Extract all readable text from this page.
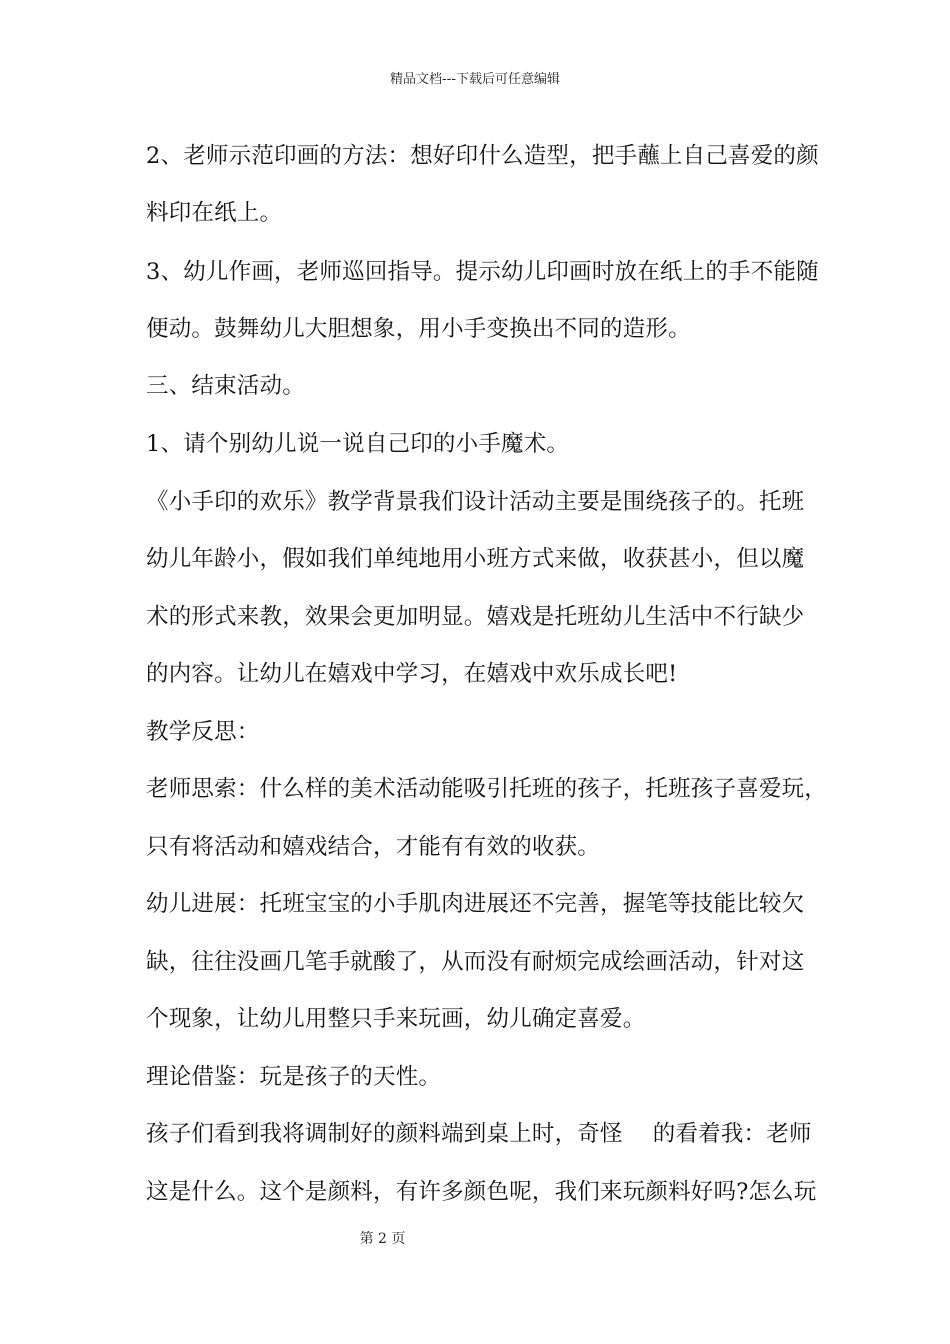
精品文档---下载后可任意编辑
2、老师示范印画的方法：想好印什么造型，把手蘸上自己喜爱的颜
料印在纸上。
3、幼儿作画，老师巡回指导。提示幼儿印画时放在纸上的手不能随
便动。鼓舞幼儿大胆想象，用小手变换出不同的造形。
三、结束活动。
1、请个别幼儿说一说自己印的小手魔术。
《小手印的欢乐》教学背景我们设计活动主要是围绕孩子的。托班
幼儿年龄小，假如我们单纯地用小班方式来做，收获甚小，但以魔
术的形式来教，效果会更加明显。嬉戏是托班幼儿生活中不行缺少
的内容。让幼儿在嬉戏中学习，在嬉戏中欢乐成长吧!
教学反思：
老师思索：什么样的美术活动能吸引托班的孩子，托班孩子喜爱玩，
只有将活动和嬉戏结合，才能有有效的收获。
幼儿进展：托班宝宝的小手肌肉进展还不完善，握笔等技能比较欠
缺，往往没画几笔手就酸了，从而没有耐烦完成绘画活动，针对这
个现象，让幼儿用整只手来玩画，幼儿确定喜爱。
理论借鉴：玩是孩子的天性。
孩子们看到我将调制好的颜料端到桌上时，奇怪　 的看着我：老师
这是什么。这个是颜料，有许多颜色呢，我们来玩颜料好吗?怎么玩
第 2 页
